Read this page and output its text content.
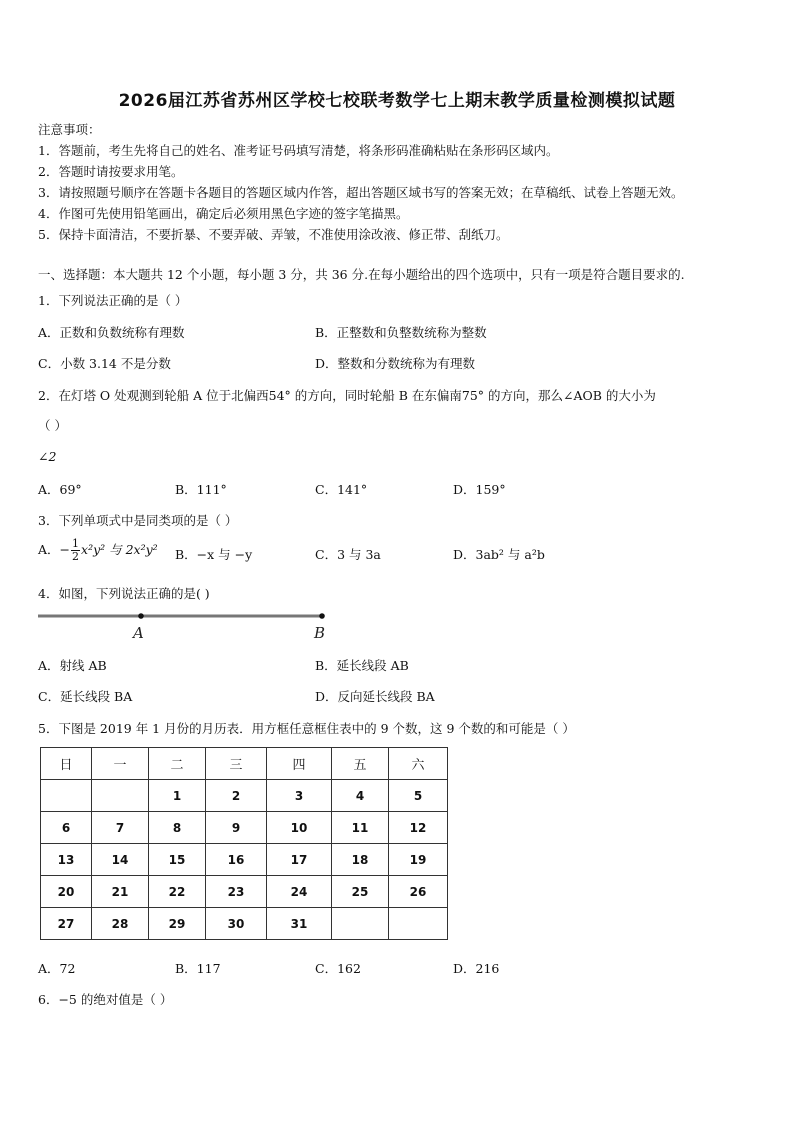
2026届江苏省苏州区学校七校联考数学七上期末教学质量检测模拟试题
注意事项：
1．答题前，考生先将自己的姓名、准考证号码填写清楚，将条形码准确粘贴在条形码区域内。
2．答题时请按要求用笔。
3．请按照题号顺序在答题卡各题目的答题区域内作答，超出答题区域书写的答案无效；在草稿纸、试卷上答题无效。
4．作图可先使用铅笔画出，确定后必须用黑色字迹的签字笔描黑。
5．保持卡面清洁，不要折暴、不要弄破、弄皱，不准使用涂改液、修正带、刮纸刀。
一、选择题：本大题共 12 个小题，每小题 3 分，共 36 分.在每小题给出的四个选项中，只有一项是符合题目要求的.
1．下列说法正确的是（ ）
A．正数和负数统称有理数	B．正整数和负整数统称为整数
C．小数 3.14 不是分数	D．整数和分数统称为有理数
2．在灯塔 O 处观测到轮船 A 位于北偏西54° 的方向，同时轮船 B 在东偏南75° 的方向，那么∠AOB 的大小为
（ ）
∠2
A．69°	B．111°	C．141°	D．159°
3．下列单项式中是同类项的是（ ）
A．− $\frac{1}{2} x^2y^2$ 与 2x²y² B．−x 与 −y	C．3 与 3a	D．3ab² 与 a²b
4．如图，下列说法正确的是( )
A	B
A．射线 AB	B．延长线段 AB
C．延长线段 BA	D．反向延长线段 BA
5．下图是 2019 年 1 月份的月历表．用方框任意框住表中的 9 个数，这 9 个数的和可能是（ ）
日	一	二	三	四	五	六
		1	2	3	4	5
6	7	8	9	10	11	12
13	14	15	16	17	18	19
20	21	22	23	24	25	26
27	28	29	30	31		
A．72	B．117	C．162	D．216
6．−5 的绝对值是（ ）
